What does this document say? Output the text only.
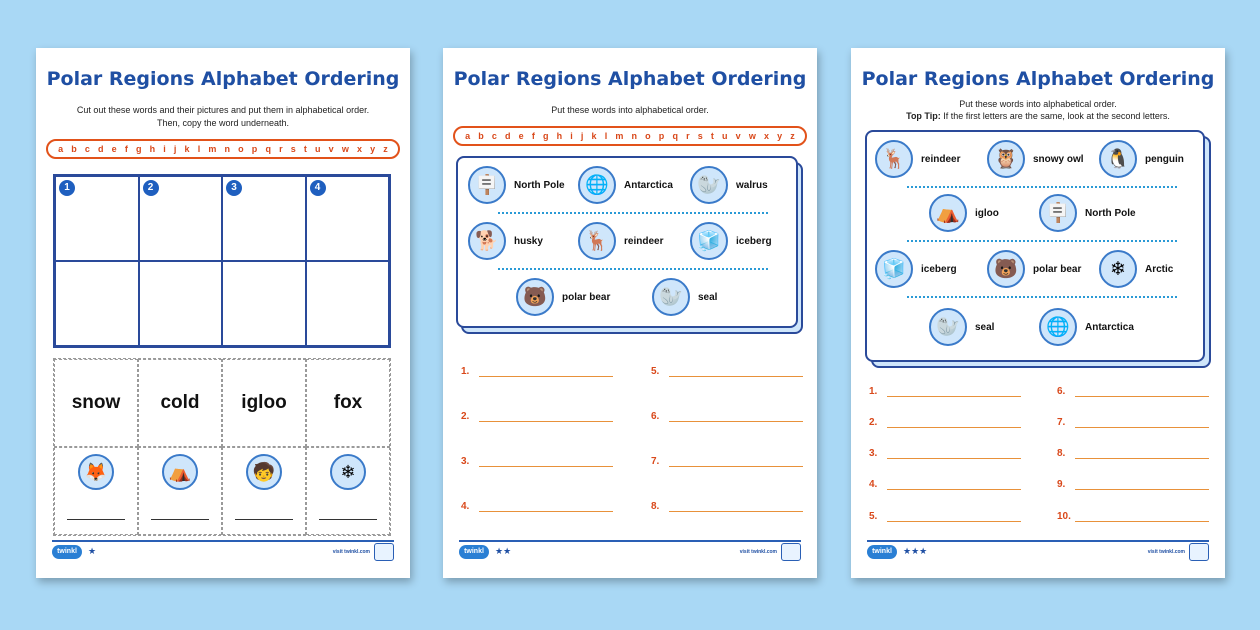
Polar Regions Alphabet Ordering
Cut out these words and their pictures and put them in alphabetical order.
Then, copy the word underneath.
a b c d e f g h i j k l m n o p q r s t u v w x y z
1	2	3	4
snow cold igloo fox
🦊	⛺	🧒	❄
twinkl	★	visit twinkl.com
Polar Regions Alphabet Ordering
Put these words into alphabetical order.
a b c d e f g h i j k l m n o p q r s t u v w x y z
🪧	North Pole	🌐	Antarctica	🦭	walrus
🐕	husky	🦌	reindeer	🧊	iceberg
🐻	polar bear	🦭	seal
1.
2.
3.
4.
5.
6.
7.
8.
twinkl	★★	visit twinkl.com
Polar Regions Alphabet Ordering
Put these words into alphabetical order.
Top Tip: If the first letters are the same, look at the second letters.
🦌	reindeer	🦉	snowy owl	🐧	penguin
⛺	igloo	🪧	North Pole
🧊	iceberg	🐻	polar bear	❄	Arctic
🦭	seal	🌐	Antarctica
1.
2.
3.
4.
5.
6.
7.
8.
9.
10.
twinkl	★★★	visit twinkl.com
